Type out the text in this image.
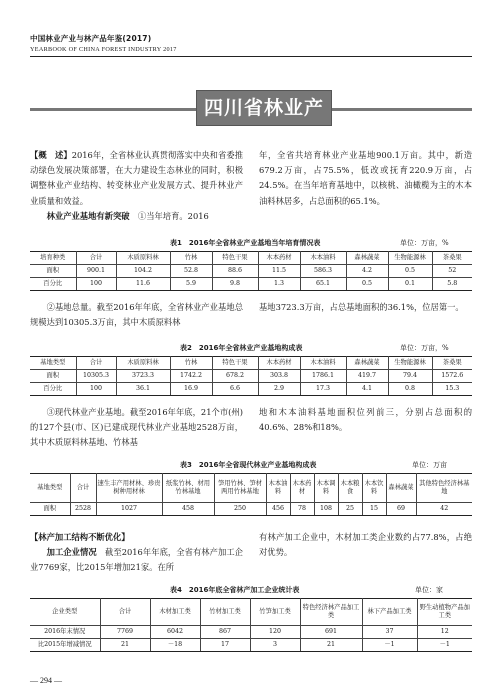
中国林业产业与林产品年鉴(2017)
YEARBOOK OF CHINA FOREST INDUSTRY 2017
四川省林业产业

【概　述】2016年，全省林业认真贯彻落实中央和省委推动绿色发展决策部署，在大力建设生态林业的同时，积极调整林业产业结构、转变林业产业发展方式、提升林业产业质量和效益。

林业产业基地有新突破　 ①当年培育。2016

年，全省共培育林业产业基地900.1万亩。其中，新造679.2万亩，占75.5%，低改或抚育220.9万亩，占24.5%。在当年培育基地中，以核桃、油橄榄为主的木本油料林居多，占总面积的65.1%。

表1　2016年全省林业产业基地当年培育情况表	单位：万亩，%
培育种类	合计	木质原料林	竹林	特色干果	木本药材	木本油料	森林蔬菜	生物能源林	茶桑果
面积	900.1	104.2	52.8	88.6	11.5	586.3	4.2	0.5	52
百分比	100	11.6	5.9	9.8	1.3	65.1	0.5	0.1	5.8

②基地总量。截至2016年年底，全省林业产业基地总规模达到10305.3万亩，其中木质原料林

基地3723.3万亩，占总基地面积的36.1%，位居第一。

表2　2016年全省林业产业基地构成表	单位：万亩，%
基地类型	合计	木质原料林	竹林	特色干果	木本药材	木本油料	森林蔬菜	生物能源林	茶桑果
面积	10305.3	3723.3	1742.2	678.2	303.8	1786.1	419.7	79.4	1572.6
百分比	100	36.1	16.9	6.6	2.9	17.3	4.1	0.8	15.3

③现代林业产业基地。截至2016年年底，21个市(州)的127个县(市、区)已建成现代林业产业基地2528万亩，其中木质原料林基地、竹林基

地和木本油料基地面积位列前三，分别占总面积的40.6%、28%和18%。

表3　2016年全省现代林业产业基地构成表	单位：万亩
基地类型	合计	速生丰产用材林、珍贵树种用材林	纸浆竹林、材用竹林基地	笋用竹林、笋材两用竹林基地	木本油料	木本药材	木本调料	木本粮食	木本饮料	森林蔬菜	其他特色经济林基地
面积	2528	1027	458	250	456	78	108	25	15	69	42

【林产加工结构不断优化】

加工企业情况　 截至2016年年底，全省有林产加工企业7769家，比2015年增加21家。在所

有林产加工企业中，木材加工类企业数约占77.8%，占绝对优势。

表4　2016年底全省林产加工企业统计表	单位：家
企业类型	合计	木材加工类	竹材加工类	竹笋加工类	特色经济林产品加工类	林下产品加工类	野生动植物产品加工类
2016年末情况	7769	6042	867	120	691	37	12
比2015年增减情况	21	－18	17	3	21	－1	－1
— 294 —
